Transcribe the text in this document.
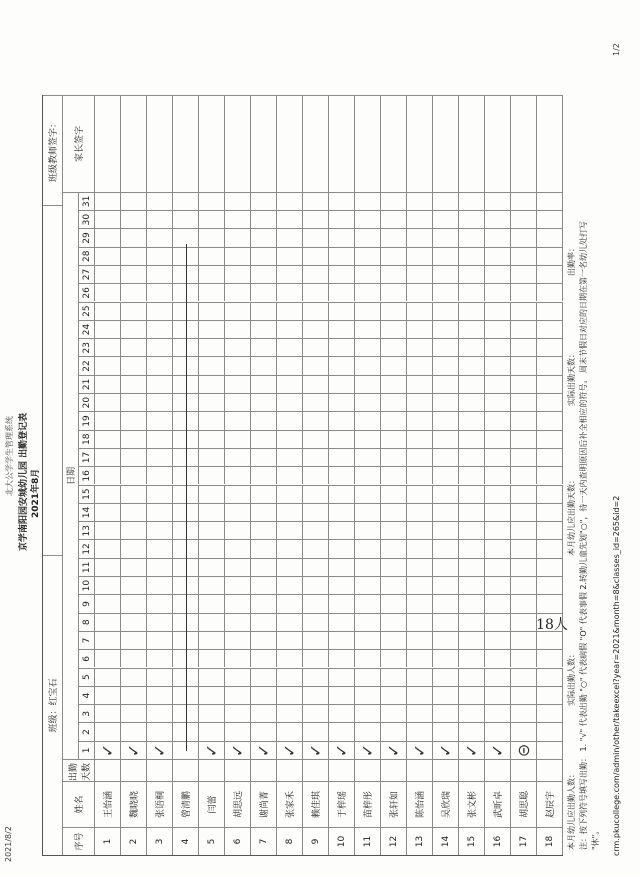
2021/8/2
北大公学学生管理系统 京学南阳园安城幼儿园 出勤登记表 2021年8月
1/2
班级：红宝石
班级教师签字：
序号
姓名
出勤天数
日期
1
2
3
4
5
6
7
8
9
10
11
12
13
14
15
16
17
18
19
20
21
22
23
24
25
26
27
28
29
30
31
家长签字
1
王怡涵
✓
2
魏晓晓
✓
3
张语桐
✓
4
曾清鹏
5
闫蕾
✓
6
胡思远
✓
7
谢尚菁
✓
8
张家禾
✓
9
赖佳琪
✓
10
于梓瑶
✓
11
苗梓彤
✓
12
张轩如
✓
13
陈怡涵
✓
14
吴欣瑞
✓
15
张文彬
✓
16
武昕卓
✓
17
胡思聪
⊝
18
赵辰宇	本月幼儿应出勤人数：
实际出勤人数：
本月幼儿应出勤天数：
实际出勤天数：
出勤率： 注：按下列符号填写出勤： 1. "√" 代表出勤 "○" 代表病假 "O" 代表事假 2.转勤儿童先划"○"，待一天内查明原因后补全相应的符号。 周末节假日对应的日期在第一名幼儿处打写 "休"。
18人	crm.pkucollege.com/admin/other/takeexcel?year=2021&month=8&classes_id=265&id=2
